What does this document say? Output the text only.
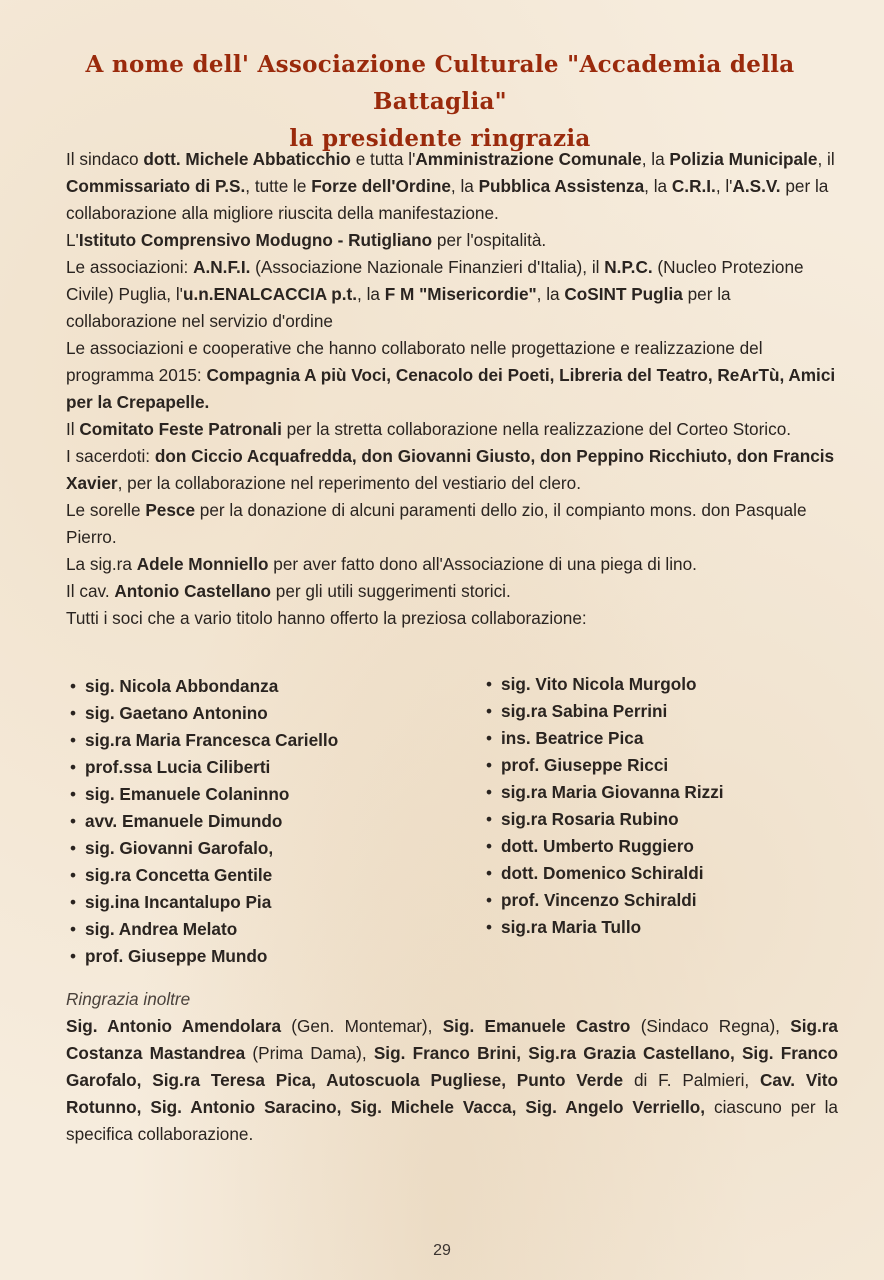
A nome dell' Associazione Culturale "Accademia della Battaglia"
la presidente ringrazia

Il sindaco dott. Michele Abbaticchio e tutta l'Amministrazione Comunale, la Polizia Municipale, il Commissariato di P.S., tutte le Forze dell'Ordine, la Pubblica Assistenza, la C.R.I., l'A.S.V. per la collaborazione alla migliore riuscita della manifestazione.

L'Istituto Comprensivo Modugno - Rutigliano per l'ospitalità.

Le associazioni: A.N.F.I. (Associazione Nazionale Finanzieri d'Italia), il N.P.C. (Nucleo Protezione Civile) Puglia, l'u.n.ENALCACCIA p.t., la F M "Misericordie", la CoSINT Puglia per la collaborazione nel servizio d'ordine

Le associazioni e cooperative che hanno collaborato nelle progettazione e realizzazione del programma 2015: Compagnia A più Voci, Cenacolo dei Poeti, Libreria del Teatro, ReArTù, Amici per la Crepapelle.

Il Comitato Feste Patronali per la stretta collaborazione nella realizzazione del Corteo Storico.

I sacerdoti: don Ciccio Acquafredda, don Giovanni Giusto, don Peppino Ricchiuto, don Francis Xavier, per la collaborazione nel reperimento del vestiario del clero.

Le sorelle Pesce per la donazione di alcuni paramenti dello zio, il compianto mons. don Pasquale Pierro.

La sig.ra Adele Monniello per aver fatto dono all'Associazione di una piega di lino.

Il cav. Antonio Castellano per gli utili suggerimenti storici.

Tutti i soci che a vario titolo hanno offerto la preziosa collaborazione:

• sig. Nicola Abbondanza
• sig. Gaetano Antonino
• sig.ra Maria Francesca Cariello
• prof.ssa Lucia Ciliberti
• sig. Emanuele Colaninno
• avv. Emanuele Dimundo
• sig. Giovanni Garofalo,
• sig.ra Concetta Gentile
• sig.ina Incantalupo Pia
• sig. Andrea Melato
• prof. Giuseppe Mundo
• sig. Vito Nicola Murgolo
• sig.ra Sabina Perrini
• ins. Beatrice Pica
• prof. Giuseppe Ricci
• sig.ra Maria Giovanna Rizzi
• sig.ra Rosaria Rubino
• dott. Umberto Ruggiero
• dott. Domenico Schiraldi
• prof. Vincenzo Schiraldi
• sig.ra Maria Tullo
Ringrazia inoltre

Sig. Antonio Amendolara (Gen. Montemar), Sig. Emanuele Castro (Sindaco Regna), Sig.ra Costanza Mastandrea (Prima Dama), Sig. Franco Brini, Sig.ra Grazia Castellano, Sig. Franco Garofalo, Sig.ra Teresa Pica, Autoscuola Pugliese, Punto Verde di F. Palmieri, Cav. Vito Rotunno, Sig. Antonio Saracino, Sig. Michele Vacca, Sig. Angelo Verriello, ciascuno per la specifica collaborazione.

29
